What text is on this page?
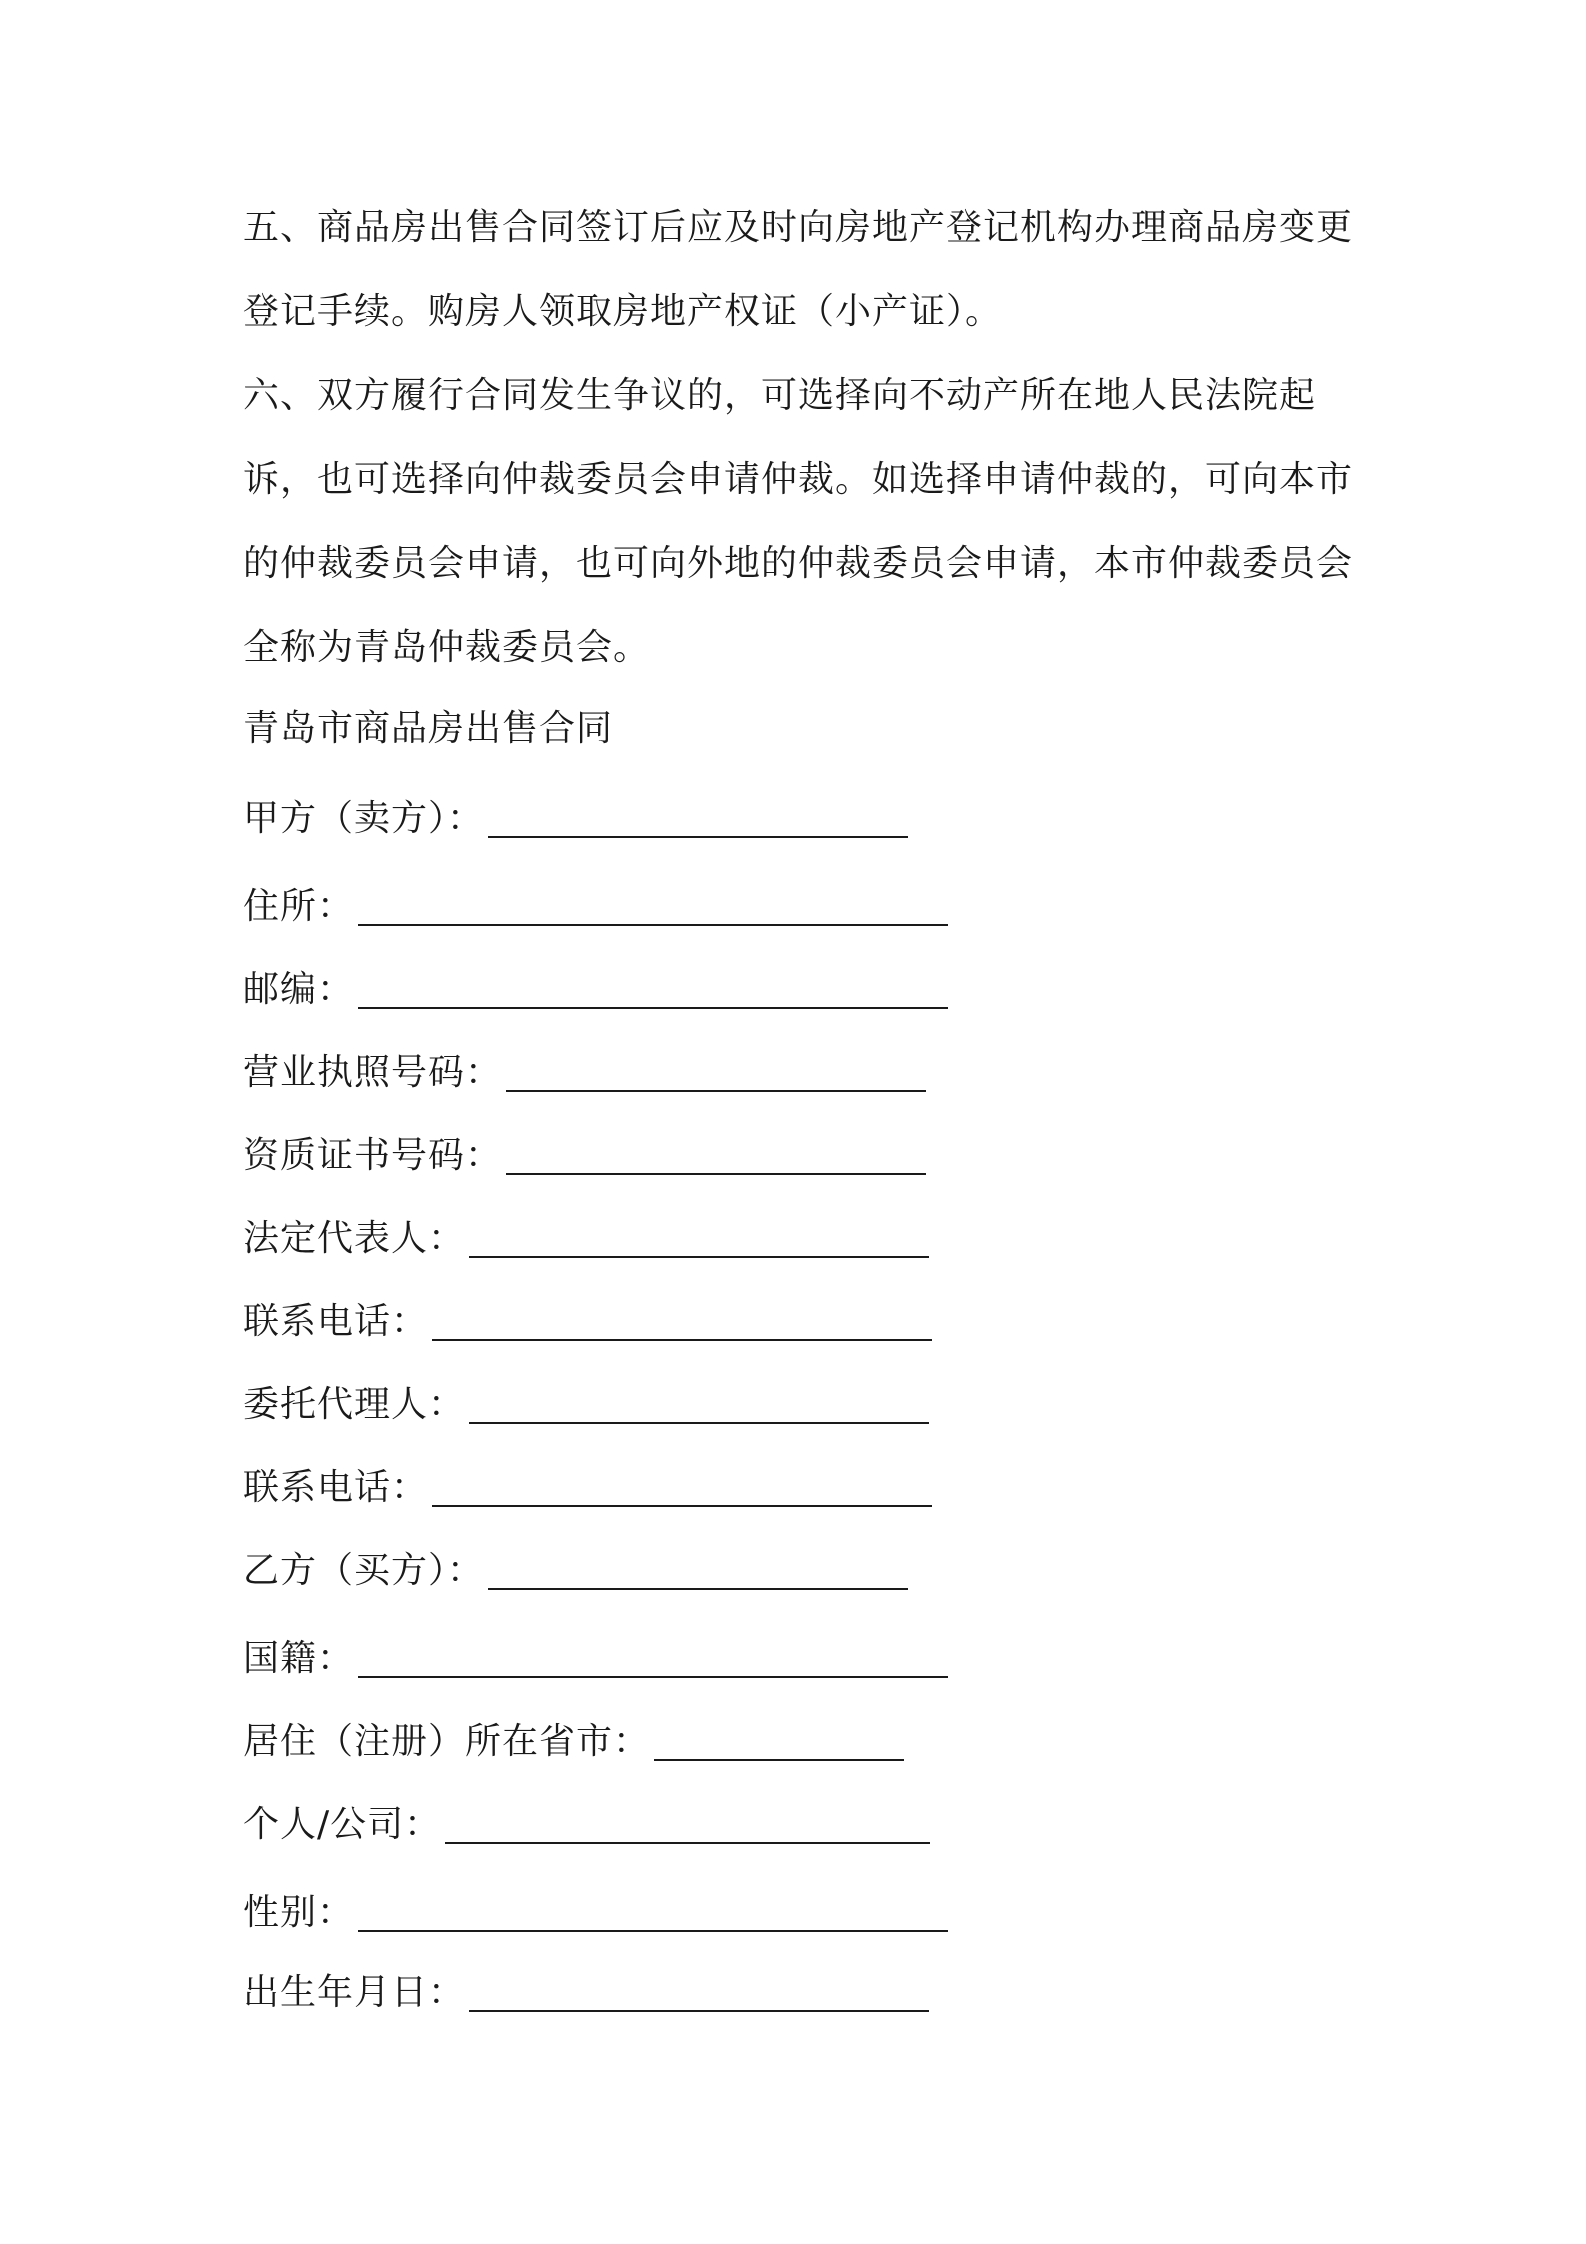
五、商品房出售合同签订后应及时向房地产登记机构办理商品房变更登记手续。购房人领取房地产权证（小产证）。
六、双方履行合同发生争议的，可选择向不动产所在地人民法院起诉，也可选择向仲裁委员会申请仲裁。如选择申请仲裁的，可向本市的仲裁委员会申请，也可向外地的仲裁委员会申请，本市仲裁委员会全称为青岛仲裁委员会。
青岛市商品房出售合同
甲方（卖方）：
住所：
邮编：
营业执照号码：
资质证书号码：
法定代表人：
联系电话：
委托代理人：
联系电话：
乙方（买方）：
国籍：
居住（注册）所在省市：
个人/公司：
性别：
出生年月日：
